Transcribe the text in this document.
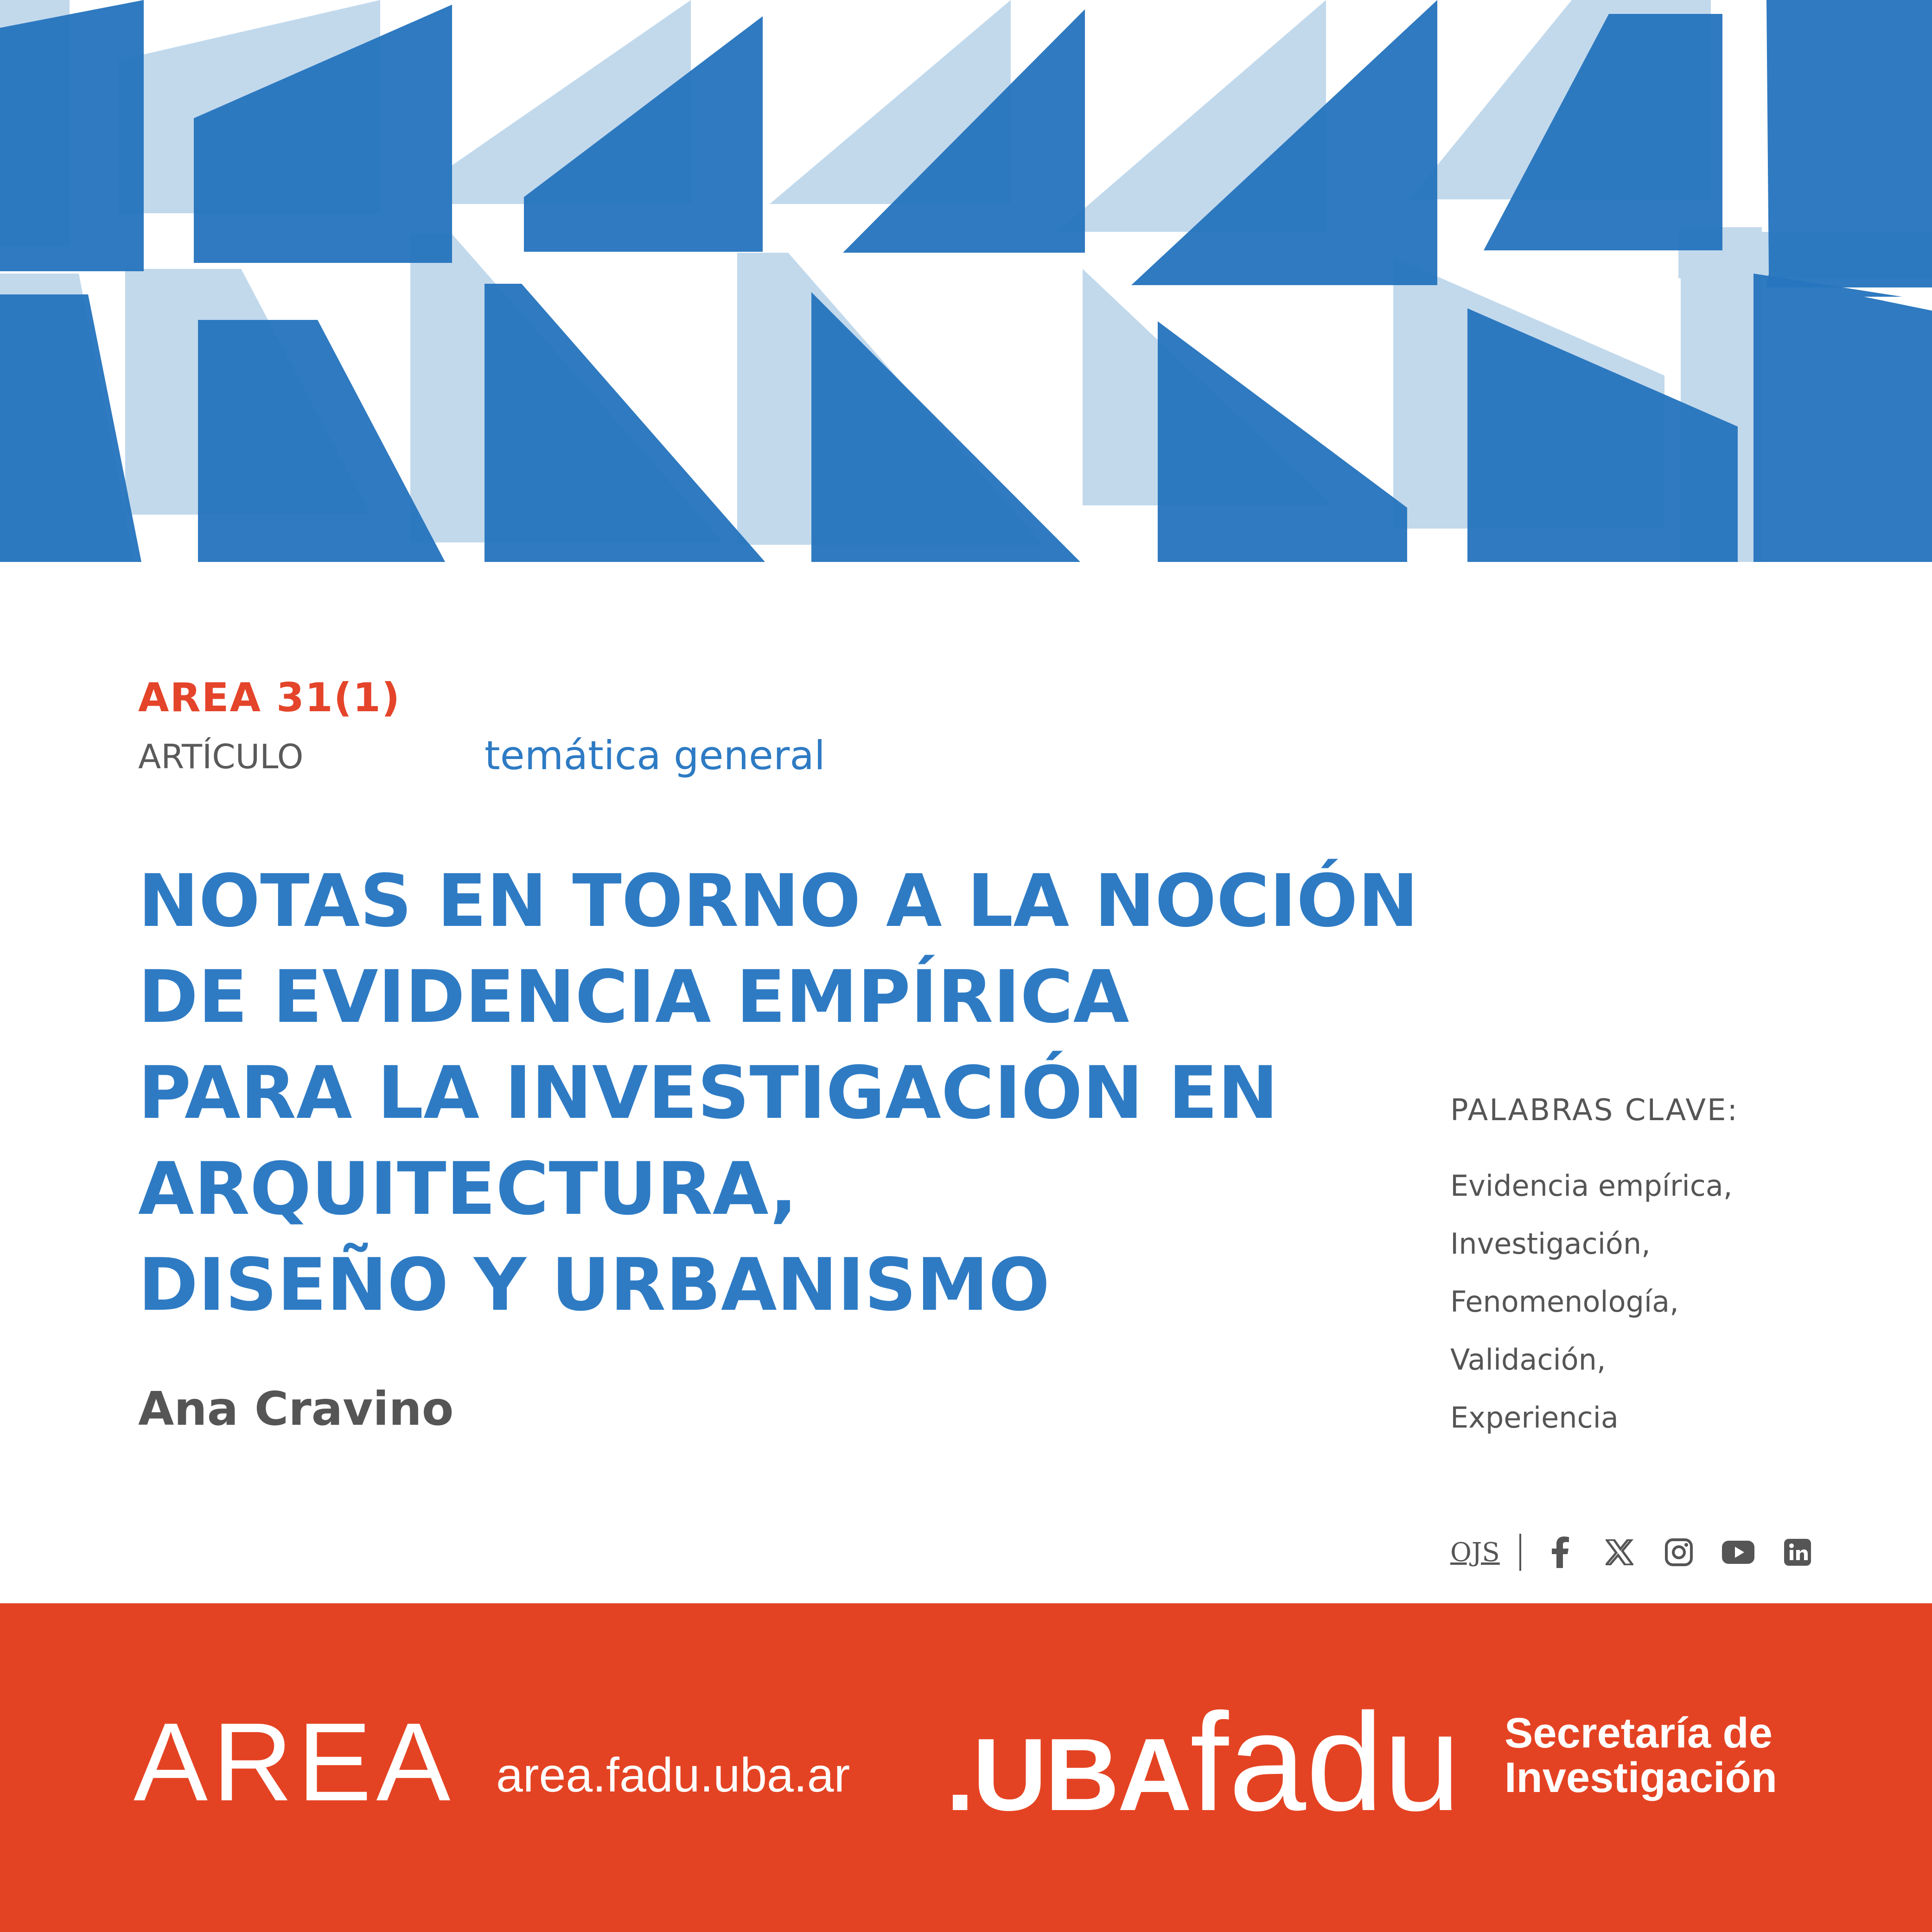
AREA 31(1)
ARTÍCULO	temática general
NOTAS EN TORNO A LA NOCIÓN
DE EVIDENCIA EMPÍRICA
PARA LA INVESTIGACIÓN EN
ARQUITECTURA,
DISEÑO Y URBANISMO
Ana Cravino
PALABRAS CLAVE:
Evidencia empírica,
Investigación,
Fenomenología,
Validación,
Experiencia
OJS
AREA area.fadu.uba.ar .UBAfadu Secretaría de
Investigación
